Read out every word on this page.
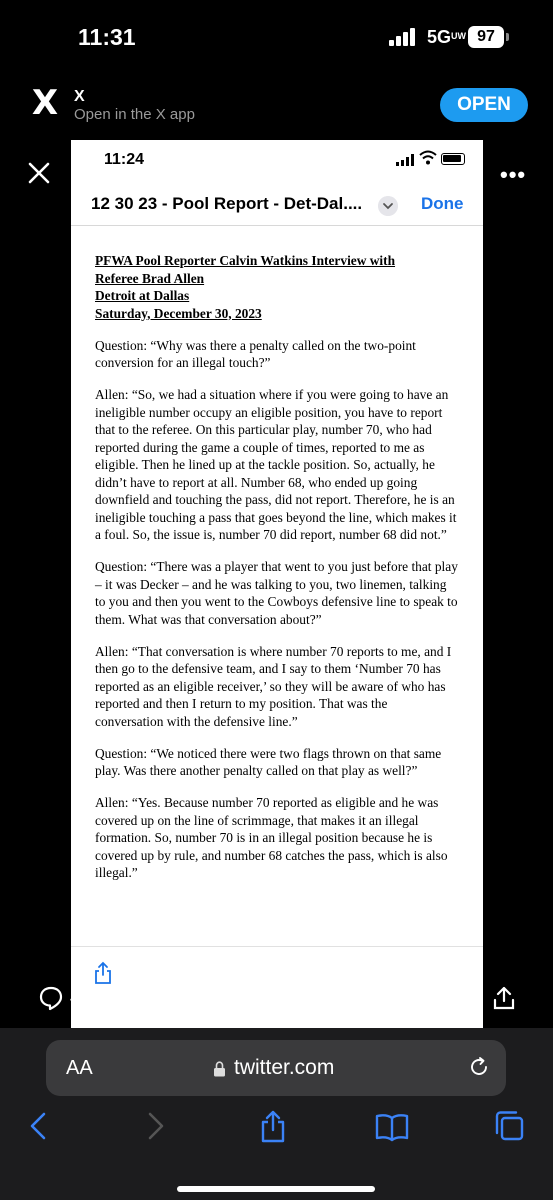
11:31	$5G^{UW}$ 97
X X
Open in the X app	OPEN
•••
11:24
12 30 23 - Pool Report - Det-Dal....	Done
PFWA Pool Reporter Calvin Watkins Interview with
Referee Brad Allen
Detroit at Dallas
Saturday, December 30, 2023

Question: “Why was there a penalty called on the two-point conversion for an illegal touch?”

Allen: “So, we had a situation where if you were going to have an ineligible number occupy an eligible position, you have to report that to the referee. On this particular play, number 70, who had reported during the game a couple of times, reported to me as eligible. Then he lined up at the tackle position. So, actually, he didn’t have to report at all. Number 68, who ended up going downfield and touching the pass, did not report. Therefore, he is an ineligible touching a pass that goes beyond the line, which makes it a foul. So, the issue is, number 70 did report, number 68 did not.”

Question: “There was a player that went to you just before that play – it was Decker – and he was talking to you, two linemen, talking to you and then you went to the Cowboys defensive line to speak to them. What was that conversation about?”

Allen: “That conversation is where number 70 reports to me, and I then go to the defensive team, and I say to them ‘Number 70 has reported as an eligible receiver,’ so they will be aware of who has reported and then I return to my position. That was the conversation with the defensive line.”

Question: “We noticed there were two flags thrown on that same play. Was there another penalty called on that play as well?”

Allen: “Yes. Because number 70 reported as eligible and he was covered up on the line of scrimmage, that makes it an illegal formation. So, number 70 is in an illegal position because he is covered up by rule, and number 68 catches the pass, which is also illegal.”

40	174	131	39K
AA	twitter.com
